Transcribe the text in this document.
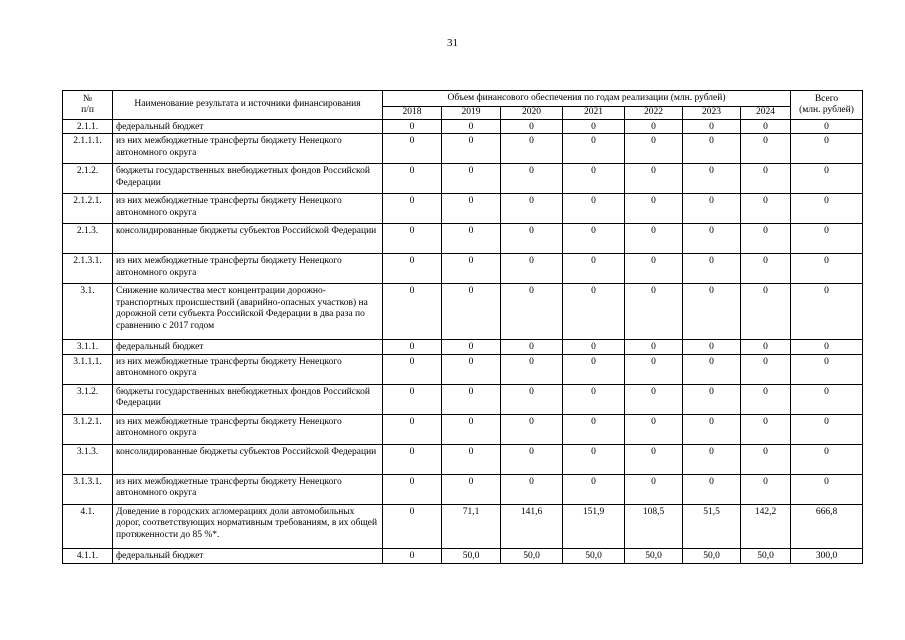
31
№
п/п	Наименование результата и источники финансирования	Объем финансового обеспечения по годам реализации (млн. рублей)							Всего
(млн. рублей)
		2018	2019	2020	2021	2022	2023	2024	
2.1.1.	федеральный бюджет	0	0	0	0	0	0	0	0
2.1.1.1.	из них межбюджетные трансферты бюджету Ненецкого автономного округа	0	0	0	0	0	0	0	0
2.1.2.	бюджеты государственных внебюджетных фондов Российской Федерации	0	0	0	0	0	0	0	0
2.1.2.1.	из них межбюджетные трансферты бюджету Ненецкого автономного округа	0	0	0	0	0	0	0	0
2.1.3.	консолидированные бюджеты субъектов Российской Федерации	0	0	0	0	0	0	0	0
2.1.3.1.	из них межбюджетные трансферты бюджету Ненецкого автономного округа	0	0	0	0	0	0	0	0
3.1.	Снижение количества мест концентрации дорожно-транспортных происшествий (аварийно-опасных участков) на дорожной сети субъекта Российской Федерации в два раза по сравнению с 2017 годом	0	0	0	0	0	0	0	0
3.1.1.	федеральный бюджет	0	0	0	0	0	0	0	0
3.1.1.1.	из них межбюджетные трансферты бюджету Ненецкого автономного округа	0	0	0	0	0	0	0	0
3.1.2.	бюджеты государственных внебюджетных фондов Российской Федерации	0	0	0	0	0	0	0	0
3.1.2.1.	из них межбюджетные трансферты бюджету Ненецкого автономного округа	0	0	0	0	0	0	0	0
3.1.3.	консолидированные бюджеты субъектов Российской Федерации	0	0	0	0	0	0	0	0
3.1.3.1.	из них межбюджетные трансферты бюджету Ненецкого автономного округа	0	0	0	0	0	0	0	0
4.1.	Доведение в городских агломерациях доли автомобильных дорог, соответствующих нормативным требованиям, в их общей протяженности до 85 %*.	0	71,1	141,6	151,9	108,5	51,5	142,2	666,8
4.1.1.	федеральный бюджет	0	50,0	50,0	50,0	50,0	50,0	50,0	300,0
